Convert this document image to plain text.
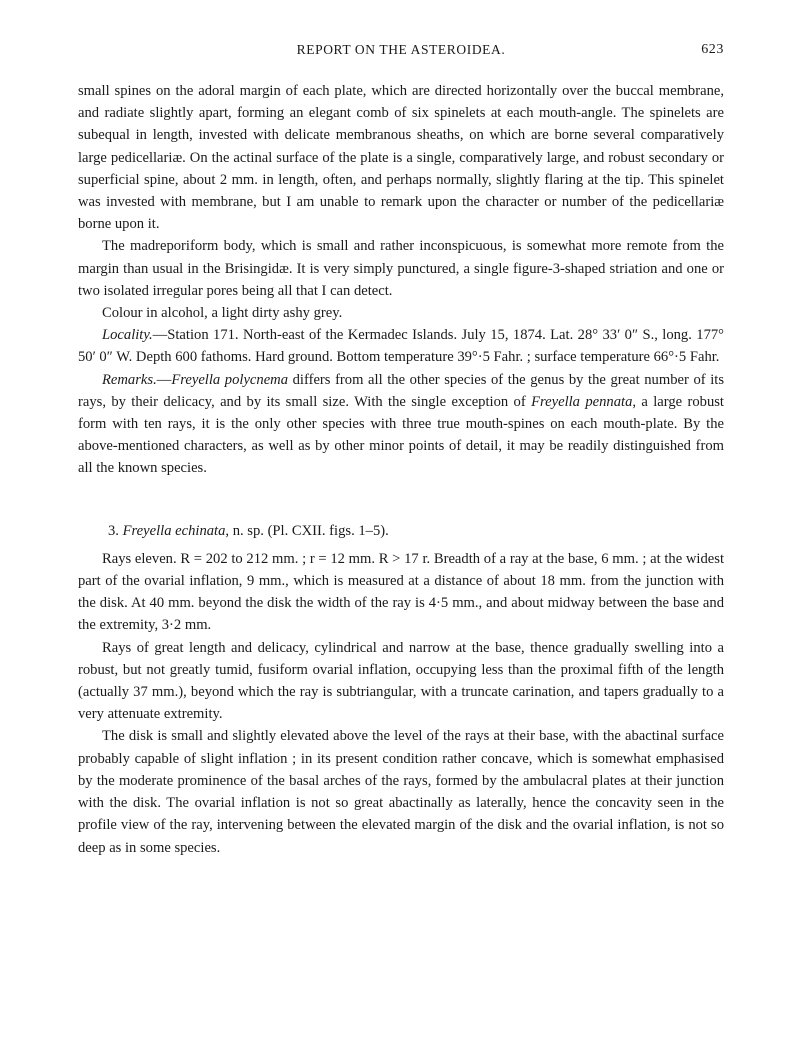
REPORT ON THE ASTEROIDEA.	623

small spines on the adoral margin of each plate, which are directed horizontally over the buccal membrane, and radiate slightly apart, forming an elegant comb of six spinelets at each mouth-angle. The spinelets are subequal in length, invested with delicate membranous sheaths, on which are borne several comparatively large pedicellariæ. On the actinal surface of the plate is a single, comparatively large, and robust secondary or superficial spine, about 2 mm. in length, often, and perhaps normally, slightly flaring at the tip. This spinelet was invested with membrane, but I am unable to remark upon the character or number of the pedicellariæ borne upon it.

The madreporiform body, which is small and rather inconspicuous, is somewhat more remote from the margin than usual in the Brisingidæ. It is very simply punctured, a single figure-3-shaped striation and one or two isolated irregular pores being all that I can detect.

Colour in alcohol, a light dirty ashy grey.

Locality.—Station 171. North-east of the Kermadec Islands. July 15, 1874. Lat. 28° 33′ 0″ S., long. 177° 50′ 0″ W. Depth 600 fathoms. Hard ground. Bottom temperature 39°·5 Fahr. ; surface temperature 66°·5 Fahr.

Remarks.—Freyella polycnema differs from all the other species of the genus by the great number of its rays, by their delicacy, and by its small size. With the single exception of Freyella pennata, a large robust form with ten rays, it is the only other species with three true mouth-spines on each mouth-plate. By the above-mentioned characters, as well as by other minor points of detail, it may be readily distinguished from all the known species.

3. Freyella echinata, n. sp. (Pl. CXII. figs. 1–5).

Rays eleven. R = 202 to 212 mm. ; r = 12 mm. R > 17 r. Breadth of a ray at the base, 6 mm. ; at the widest part of the ovarial inflation, 9 mm., which is measured at a distance of about 18 mm. from the junction with the disk. At 40 mm. beyond the disk the width of the ray is 4·5 mm., and about midway between the base and the extremity, 3·2 mm.

Rays of great length and delicacy, cylindrical and narrow at the base, thence gradually swelling into a robust, but not greatly tumid, fusiform ovarial inflation, occupying less than the proximal fifth of the length (actually 37 mm.), beyond which the ray is subtriangular, with a truncate carination, and tapers gradually to a very attenuate extremity.

The disk is small and slightly elevated above the level of the rays at their base, with the abactinal surface probably capable of slight inflation ; in its present condition rather concave, which is somewhat emphasised by the moderate prominence of the basal arches of the rays, formed by the ambulacral plates at their junction with the disk. The ovarial inflation is not so great abactinally as laterally, hence the concavity seen in the profile view of the ray, intervening between the elevated margin of the disk and the ovarial inflation, is not so deep as in some species.
